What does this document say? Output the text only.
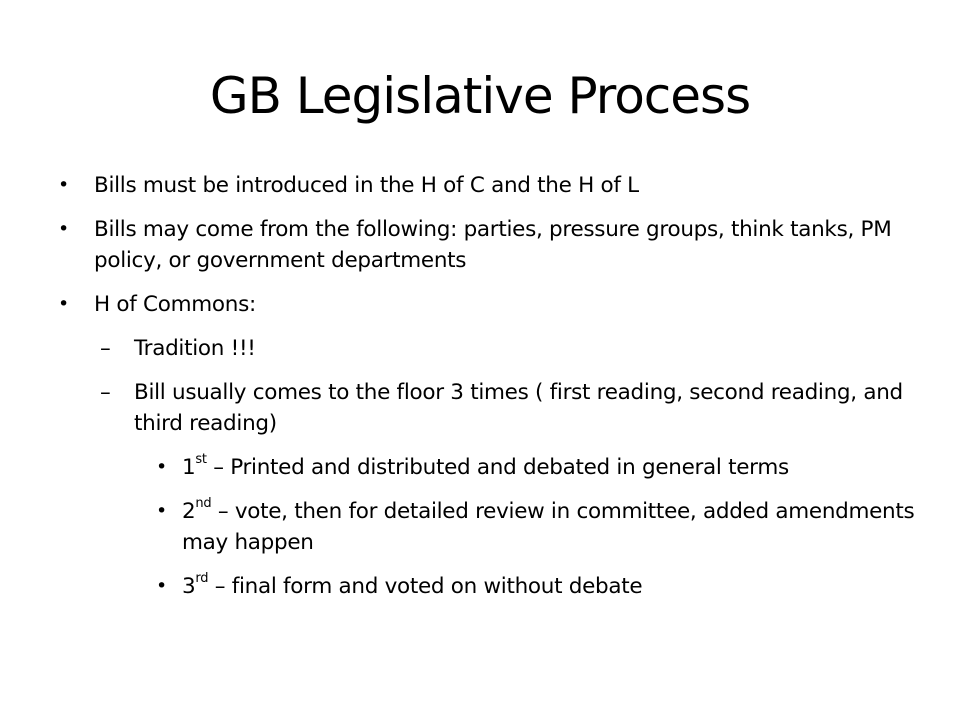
GB Legislative Process
• Bills must be introduced in the H of C and the H of L
• Bills may come from the following: parties, pressure groups, think tanks, PM policy, or government departments
• H of Commons:
– Tradition !!!
– Bill usually comes to the floor 3 times ( first reading, second reading, and third reading)
• 1st – Printed and distributed and debated in general terms
• 2nd – vote, then for detailed review in committee, added amendments may happen
• 3rd – final form and voted on without debate
